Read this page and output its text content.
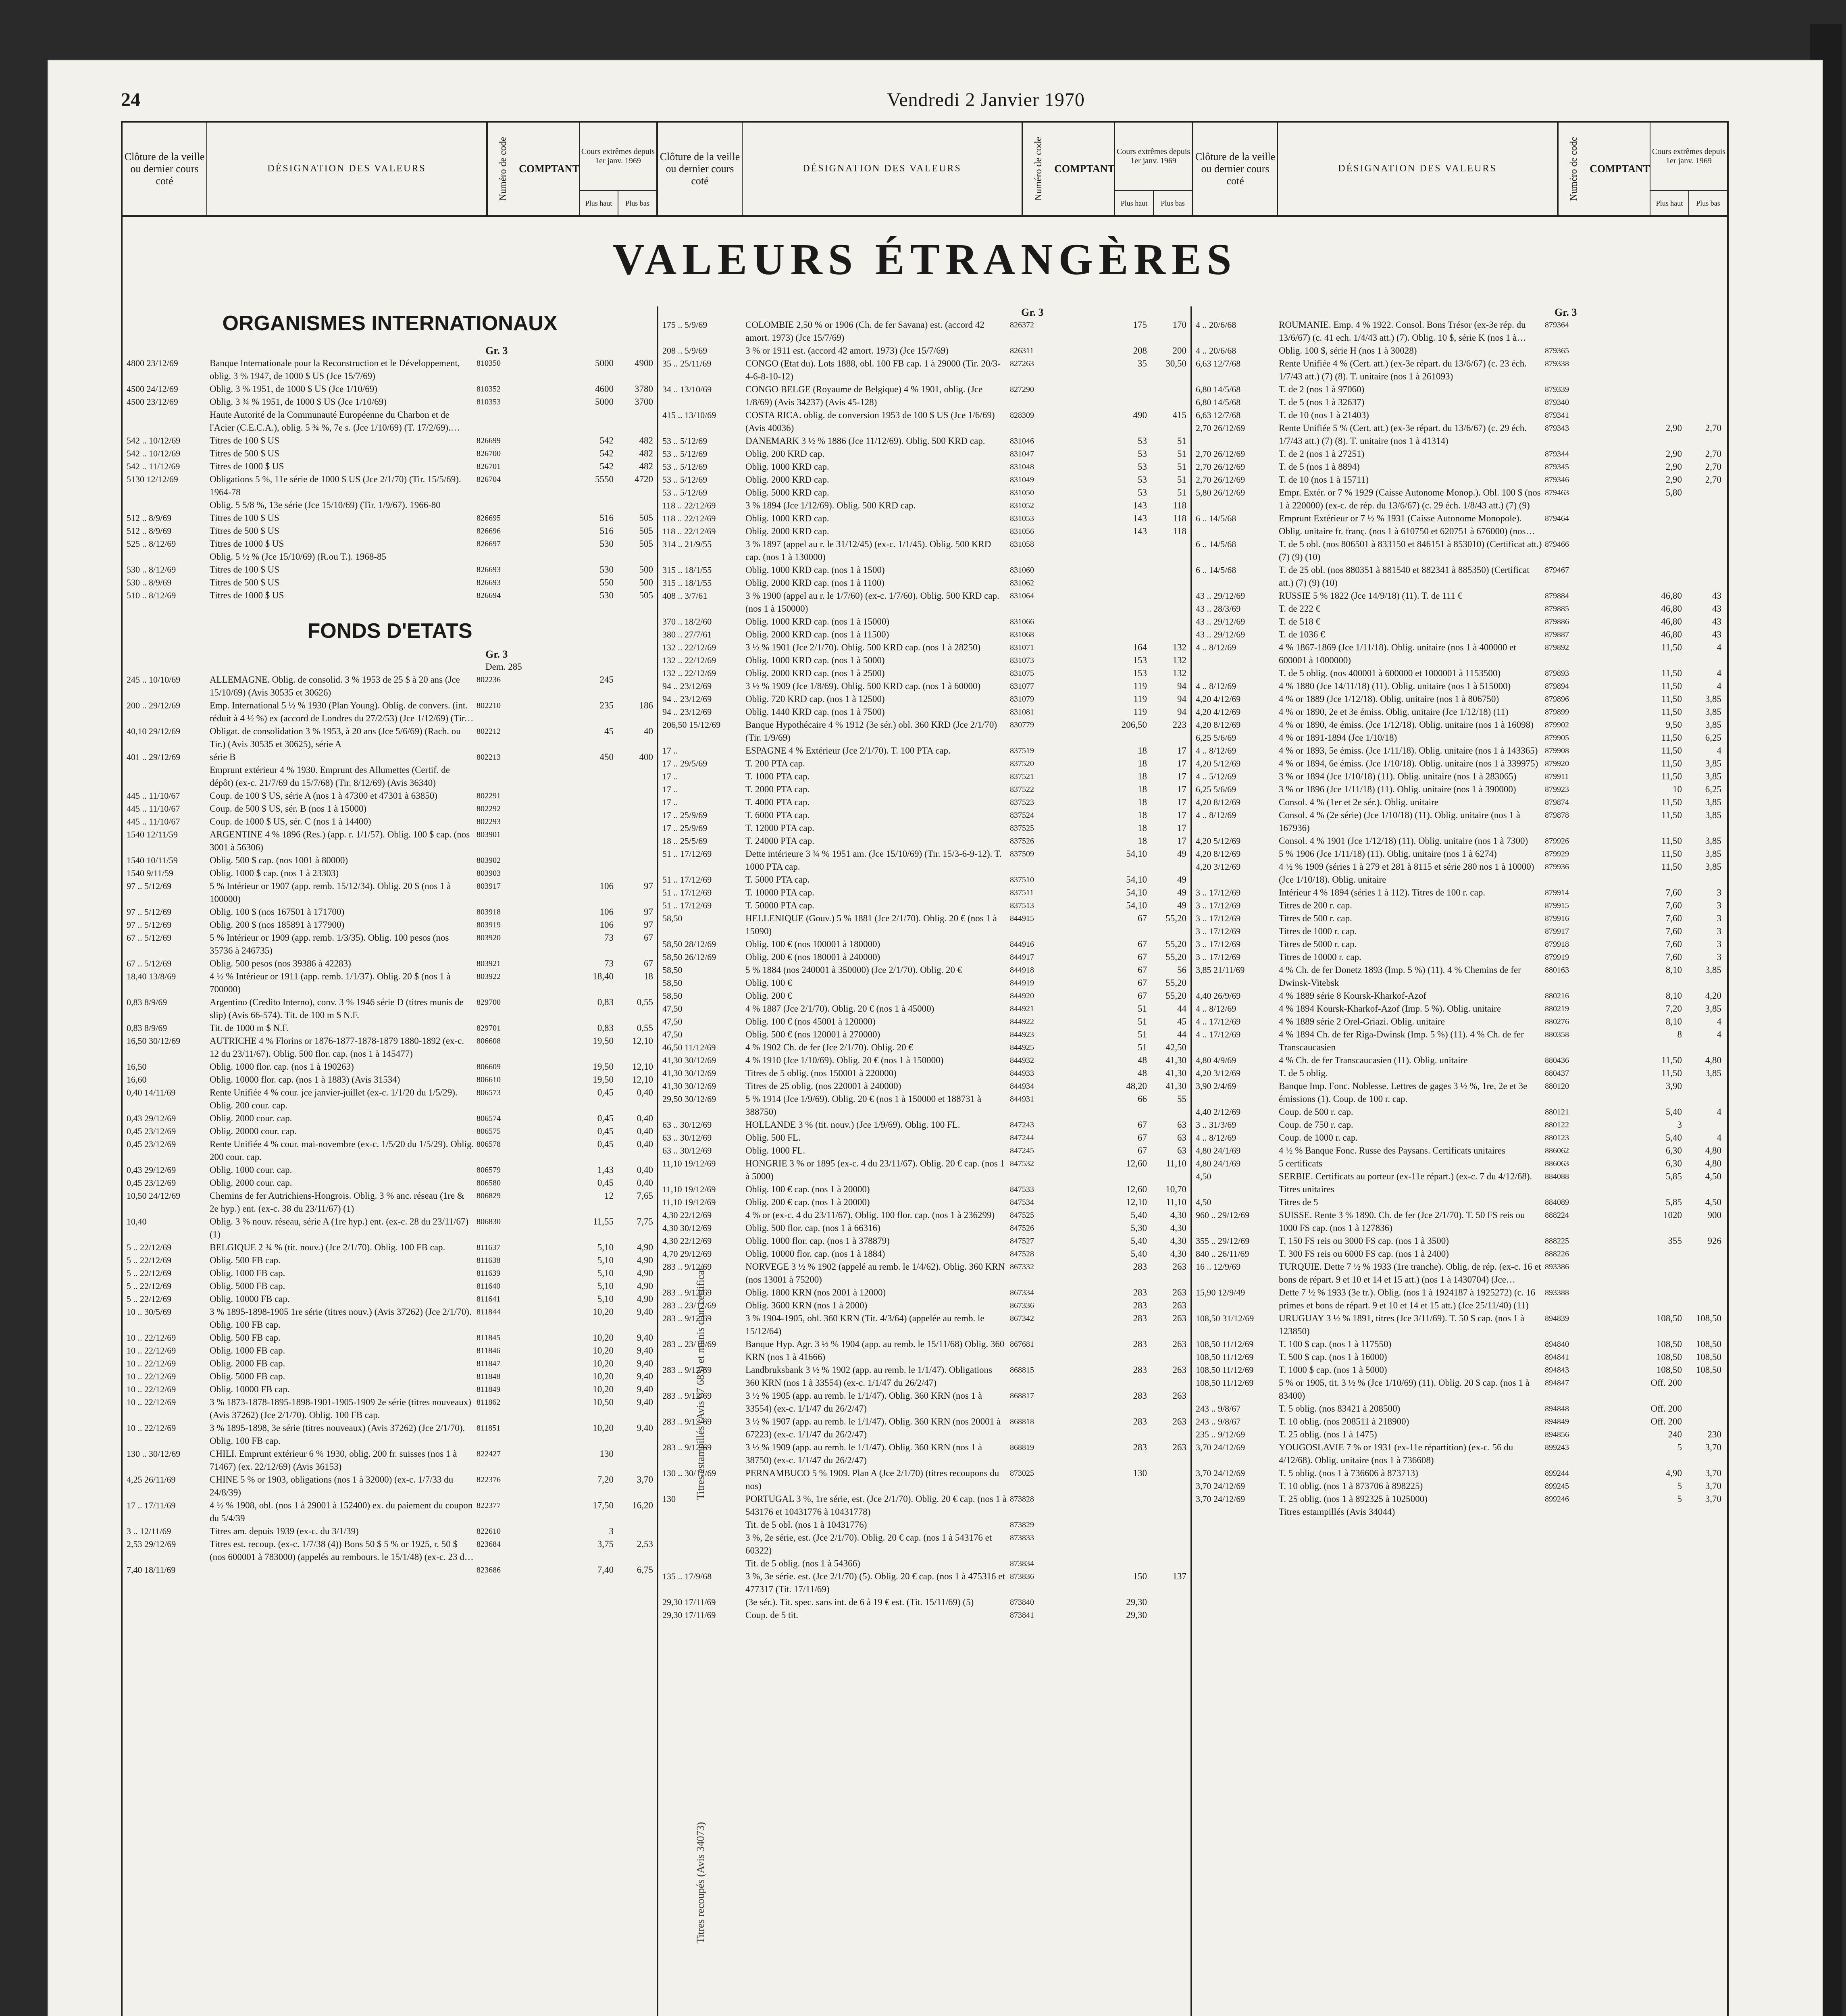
24	Vendredi 2 Janvier 1970
Clôture de la veille ou dernier cours coté
DÉSIGNATION DES VALEURS	Numéro de code COMPTANT
Cours extrêmes depuis 1er janv. 1969
Plus haut	Plus bas
Clôture de la veille ou dernier cours coté
DÉSIGNATION DES VALEURS	Numéro de code COMPTANT
Cours extrêmes depuis 1er janv. 1969
Plus haut	Plus bas
Clôture de la veille ou dernier cours coté
DÉSIGNATION DES VALEURS	Numéro de code COMPTANT
Cours extrêmes depuis 1er janv. 1969
Plus haut	Plus bas
VALEURS ÉTRANGÈRES
ORGANISMES INTERNATIONAUX
Gr. 3
4800 23/12/69	Banque Internationale pour la Reconstruction et le Développement, oblig. 3 % 1947, de 1000 $ US (Jce 15/7/69)
810350	5000	4900
4500 24/12/69	Oblig. 3 % 1951, de 1000 $ US (Jce 1/10/69)	810352	4600	3780
4500 23/12/69	Oblig. 3 ¾ % 1951, de 1000 $ US (Jce 1/10/69)	810353	5000	3700
Haute Autorité de la Communauté Européenne du Charbon et de l'Acier (C.E.C.A.), oblig. 5 ¾ %, 7e s. (Jce 1/10/69) (T. 17/2/69).
542 .. 10/12/69	Titres de 100 $ US	826699	542	482
542 .. 10/12/69	Titres de 500 $ US	826700	542	482
542 .. 11/12/69	Titres de 1000 $ US	826701	542	482
5130 12/12/69	Obligations 5 %, 11e série de 1000 $ US (Jce 2/1/70) (Tir. 15/5/69). 1964-78
826704	5550	4720
Oblig. 5 5/8 %, 13e série (Jce 15/10/69) (Tir. 1/9/67). 1966-80
512 .. 8/9/69	Titres de 100 $ US	826695	516	505
512 .. 8/9/69	Titres de 500 $ US	826696	516	505
525 .. 8/12/69	Titres de 1000 $ US	826697	530	505
Oblig. 5 ½ % (Jce 15/10/69) (R.ou T.). 1968-85
530 .. 8/12/69	Titres de 100 $ US	826693	530	500
530 .. 8/9/69	Titres de 500 $ US	826693	550	500
510 .. 8/12/69	Titres de 1000 $ US	826694	530	505
FONDS D'ETATS
Gr. 3
Dem. 285
245 .. 10/10/69	ALLEMAGNE. Oblig. de consolid. 3 % 1953 de 25 $ à 20 ans (Jce 15/10/69) (Avis 30535 et 30626)
802236	245
200 .. 29/12/69	Emp. International 5 ½ % 1930 (Plan Young). Oblig. de convers. (int. réduit à 4 ½ %) ex (accord de Londres du 27/2/53) (Jce 1/12/69) (Tir.
802210	235	186
40,10 29/12/69	Obligat. de consolidation 3 % 1953, à 20 ans (Jce 5/6/69) (Rach. ou Tir.) (Avis 30535 et 30625), série A
802212	45	40
401 .. 29/12/69	série B	802213	450	400
Emprunt extérieur 4 % 1930. Emprunt des Allumettes (Certif. de dépôt) (ex-c. 21/7/69 du 15/7/68) (Tir. 8/12/69) (Avis 36340)
445 .. 11/10/67	Coup. de 100 $ US, série A (nos 1 à 47300 et 47301 à 63850)	802291
445 .. 11/10/67	Coup. de 500 $ US, sér. B (nos 1 à 15000)	802292
445 .. 11/10/67	Coup. de 1000 $ US, sér. C (nos 1 à 14400)	802293
1540 12/11/59	ARGENTINE 4 % 1896 (Res.) (app. r. 1/1/57). Oblig. 100 $ cap. (nos 3001 à 56306)
803901
1540 10/11/59	Oblig. 500 $ cap. (nos 1001 à 80000)	803902
1540 9/11/59	Oblig. 1000 $ cap. (nos 1 à 23303)	803903
97 .. 5/12/69	5 % Intérieur or 1907 (app. remb. 15/12/34). Oblig. 20 $ (nos 1 à 100000)
803917	106	97
97 .. 5/12/69	Oblig. 100 $ (nos 167501 à 171700)	803918	106	97
97 .. 5/12/69	Oblig. 200 $ (nos 185891 à 177900)	803919	106	97
67 .. 5/12/69	5 % Intérieur or 1909 (app. remb. 1/3/35). Oblig. 100 pesos (nos 35736 à 246735)
803920	73	67
67 .. 5/12/69	Oblig. 500 pesos (nos 39386 à 42283)	803921	73	67
18,40 13/8/69	4 ½ % Intérieur or 1911 (app. remb. 1/1/37). Oblig. 20 $ (nos 1 à 700000)
803922	18,40	18
0,83 8/9/69	Argentino (Credito Interno), conv. 3 % 1946 série D (titres munis de slip) (Avis 66-574). Tit. de 100 m $ N.F.
829700	0,83	0,55
0,83 8/9/69	Tit. de 1000 m $ N.F.	829701	0,83	0,55
16,50 30/12/69	AUTRICHE 4 % Florins or 1876-1877-1878-1879 1880-1892 (ex-c. 12 du 23/11/67). Oblig. 500 flor. cap. (nos 1 à 145477)
806608	19,50	12,10
16,50	Oblig. 1000 flor. cap. (nos 1 à 190263)	806609	19,50	12,10
16,60	Oblig. 10000 flor. cap. (nos 1 à 1883) (Avis 31534)	806610	19,50	12,10
0,40 14/11/69	Rente Unifiée 4 % cour. jce janvier-juillet (ex-c. 1/1/20 du 1/5/29). Oblig. 200 cour. cap.
806573	0,45	0,40
0,43 29/12/69	Oblig. 2000 cour. cap.	806574	0,45	0,40
0,45 23/12/69	Oblig. 20000 cour. cap.	806575	0,45	0,40
0,45 23/12/69	Rente Unifiée 4 % cour. mai-novembre (ex-c. 1/5/20 du 1/5/29). Oblig. 200 cour. cap.
806578	0,45	0,40
0,43 29/12/69	Oblig. 1000 cour. cap.	806579	1,43	0,40
0,45 23/12/69	Oblig. 2000 cour. cap.	806580	0,45	0,40
10,50 24/12/69	Chemins de fer Autrichiens-Hongrois. Oblig. 3 % anc. réseau (1re & 2e hyp.) ent. (ex-c. 38 du 23/11/67) (1)
806829	12	7,65
10,40	Oblig. 3 % nouv. réseau, série A (1re hyp.) ent. (ex-c. 28 du 23/11/67) (1)
806830	11,55	7,75
5 .. 22/12/69	BELGIQUE 2 ¾ % (tit. nouv.) (Jce 2/1/70). Oblig. 100 FB cap.	811637	5,10	4,90
5 .. 22/12/69	Oblig. 500 FB cap.	811638	5,10	4,90
5 .. 22/12/69	Oblig. 1000 FB cap.	811639	5,10	4,90
5 .. 22/12/69	Oblig. 5000 FB cap.	811640	5,10	4,90
5 .. 22/12/69	Oblig. 10000 FB cap.	811641	5,10	4,90
10 .. 30/5/69	3 % 1895-1898-1905 1re série (titres nouv.) (Avis 37262) (Jce 2/1/70). Oblig. 100 FB cap.
811844	10,20	9,40
10 .. 22/12/69	Oblig. 500 FB cap.	811845	10,20	9,40
10 .. 22/12/69	Oblig. 1000 FB cap.	811846	10,20	9,40
10 .. 22/12/69	Oblig. 2000 FB cap.	811847	10,20	9,40
10 .. 22/12/69	Oblig. 5000 FB cap.	811848	10,20	9,40
10 .. 22/12/69	Oblig. 10000 FB cap.	811849	10,20	9,40
10 .. 22/12/69	3 % 1873-1878-1895-1898-1901-1905-1909 2e série (titres nouveaux) (Avis 37262) (Jce 2/1/70). Oblig. 100 FB cap.
811862	10,50	9,40
10 .. 22/12/69	3 % 1895-1898, 3e série (titres nouveaux) (Avis 37262) (Jce 2/1/70). Oblig. 100 FB cap.
811851	10,20	9,40
130 .. 30/12/69	CHILI. Emprunt extérieur 6 % 1930, oblig. 200 fr. suisses (nos 1 à 71467) (ex. 22/12/69) (Avis 36153)
822427	130
4,25 26/11/69	CHINE 5 % or 1903, obligations (nos 1 à 32000) (ex-c. 1/7/33 du 24/8/39)
822376	7,20	3,70
17 .. 17/11/69	4 ½ % 1908, obl. (nos 1 à 29001 à 152400) ex. du paiement du coupon du 5/4/39
822377	17,50	16,20
3 .. 12/11/69	Titres am. depuis 1939 (ex-c. du 3/1/39)	822610	3
2,53 29/12/69	Titres est. recoup. (ex-c. 1/7/38 (4)) Bons 50 $ 5 % or 1925, r. 50 $ (nos 600001 à 783000) (appelés au rembours. le 15/1/48) (ex-c. 23 du
823684	3,75	2,53
7,40 18/11/69	823686	7,40	6,75
Titres estampillés (Avis 67 683) et munis d'un certificat
Titres recoupés (Avis 34073)
Gr. 3
175 .. 5/9/69	COLOMBIE 2,50 % or 1906 (Ch. de fer Savana) est. (accord 42 amort. 1973) (Jce 15/7/69)
826372	175	170
208 .. 5/9/69	3 % or 1911 est. (accord 42 amort. 1973) (Jce 15/7/69)	826311	208	200
35 .. 25/11/69	CONGO (Etat du). Lots 1888, obl. 100 FB cap. 1 à 29000 (Tir. 20/3-4-6-8-10-12)
827263	35	30,50
34 .. 13/10/69	CONGO BELGE (Royaume de Belgique) 4 % 1901, oblig. (Jce 1/8/69) (Avis 34237) (Avis 45-128)
827290
415 .. 13/10/69	COSTA RICA. oblig. de conversion 1953 de 100 $ US (Jce 1/6/69) (Avis 40036)
828309	490	415
53 .. 5/12/69	DANEMARK 3 ½ % 1886 (Jce 11/12/69). Oblig. 500 KRD cap.	831046	53	51
53 .. 5/12/69	Oblig. 200 KRD cap.	831047	53	51
53 .. 5/12/69	Oblig. 1000 KRD cap.	831048	53	51
53 .. 5/12/69	Oblig. 2000 KRD cap.	831049	53	51
53 .. 5/12/69	Oblig. 5000 KRD cap.	831050	53	51
118 .. 22/12/69	3 % 1894 (Jce 1/12/69). Oblig. 500 KRD cap.	831052	143	118
118 .. 22/12/69	Oblig. 1000 KRD cap.	831053	143	118
118 .. 22/12/69	Oblig. 2000 KRD cap.	831056	143	118
314 .. 21/9/55	3 % 1897 (appel au r. le 31/12/45) (ex-c. 1/1/45). Oblig. 500 KRD cap. (nos 1 à 130000)
831058
315 .. 18/1/55	Oblig. 1000 KRD cap. (nos 1 à 1500)	831060
315 .. 18/1/55	Oblig. 2000 KRD cap. (nos 1 à 1100)	831062
408 .. 3/7/61	3 % 1900 (appel au r. le 1/7/60) (ex-c. 1/7/60). Oblig. 500 KRD cap. (nos 1 à 150000)
831064
370 .. 18/2/60	Oblig. 1000 KRD cap. (nos 1 à 15000)	831066
380 .. 27/7/61	Oblig. 2000 KRD cap. (nos 1 à 11500)	831068
132 .. 22/12/69	3 ½ % 1901 (Jce 2/1/70). Oblig. 500 KRD cap. (nos 1 à 28250)	831071	164	132
132 .. 22/12/69	Oblig. 1000 KRD cap. (nos 1 à 5000)	831073	153	132
132 .. 22/12/69	Oblig. 2000 KRD cap. (nos 1 à 2500)	831075	153	132
94 .. 23/12/69	3 ½ % 1909 (Jce 1/8/69). Oblig. 500 KRD cap. (nos 1 à 60000)	831077	119	94
94 .. 23/12/69	Oblig. 720 KRD cap. (nos 1 à 12500)	831079	119	94
94 .. 23/12/69	Oblig. 1440 KRD cap. (nos 1 à 7500)	831081	119	94
206,50 15/12/69	Banque Hypothécaire 4 % 1912 (3e sér.) obl. 360 KRD (Jce 2/1/70) (Tir. 1/9/69)
830779	206,50	223
17 ..	ESPAGNE 4 % Extérieur (Jce 2/1/70). T. 100 PTA cap.	837519	18	17
17 .. 29/5/69	T. 200 PTA cap.	837520	18	17
17 ..	T. 1000 PTA cap.	837521	18	17
17 ..	T. 2000 PTA cap.	837522	18	17
17 ..	T. 4000 PTA cap.	837523	18	17
17 .. 25/9/69	T. 6000 PTA cap.	837524	18	17
17 .. 25/9/69	T. 12000 PTA cap.	837525	18	17
18 .. 25/5/69	T. 24000 PTA cap.	837526	18	17
51 .. 17/12/69	Dette intérieure 3 ¾ % 1951 am. (Jce 15/10/69) (Tir. 15/3-6-9-12). T. 1000 PTA cap.
837509	54,10	49
51 .. 17/12/69	T. 5000 PTA cap.	837510	54,10	49
51 .. 17/12/69	T. 10000 PTA cap.	837511	54,10	49
51 .. 17/12/69	T. 50000 PTA cap.	837513	54,10	49
58,50	HELLENIQUE (Gouv.) 5 % 1881 (Jce 2/1/70). Oblig. 20 € (nos 1 à 15090)
844915	67	55,20
58,50 28/12/69	Oblig. 100 € (nos 100001 à 180000)	844916	67	55,20
58,50 26/12/69	Oblig. 200 € (nos 180001 à 240000)	844917	67	55,20
58,50	5 % 1884 (nos 240001 à 350000) (Jce 2/1/70). Oblig. 20 €	844918	67	56
58,50	Oblig. 100 €	844919	67	55,20
58,50	Oblig. 200 €	844920	67	55,20
47,50	4 % 1887 (Jce 2/1/70). Oblig. 20 € (nos 1 à 45000)	844921	51	44
47,50	Oblig. 100 € (nos 45001 à 120000)	844922	51	45
47,50	Oblig. 500 € (nos 120001 à 270000)	844923	51	44
46,50 11/12/69	4 % 1902 Ch. de fer (Jce 2/1/70). Oblig. 20 €	844925	51	42,50
41,30 30/12/69	4 % 1910 (Jce 1/10/69). Oblig. 20 € (nos 1 à 150000)	844932	48	41,30
41,30 30/12/69	Titres de 5 oblig. (nos 150001 à 220000)	844933	48	41,30
41,30 30/12/69	Titres de 25 oblig. (nos 220001 à 240000)	844934	48,20	41,30
29,50 30/12/69	5 % 1914 (Jce 1/9/69). Oblig. 20 € (nos 1 à 150000 et 188731 à 388750)
844931	66	55
63 .. 30/12/69	HOLLANDE 3 % (tit. nouv.) (Jce 1/9/69). Oblig. 100 FL.	847243	67	63
63 .. 30/12/69	Oblig. 500 FL.	847244	67	63
63 .. 30/12/69	Oblig. 1000 FL.	847245	67	63
11,10 19/12/69	HONGRIE 3 % or 1895 (ex-c. 4 du 23/11/67). Oblig. 20 € cap. (nos 1 à 5000)
847532	12,60	11,10
11,10 19/12/69	Oblig. 100 € cap. (nos 1 à 20000)	847533	12,60	10,70
11,10 19/12/69	Oblig. 200 € cap. (nos 1 à 20000)	847534	12,10	11,10
4,30 22/12/69	4 % or (ex-c. 4 du 23/11/67). Oblig. 100 flor. cap. (nos 1 à 236299)	847525	5,40	4,30
4,30 30/12/69	Oblig. 500 flor. cap. (nos 1 à 66316)	847526	5,30	4,30
4,30 22/12/69	Oblig. 1000 flor. cap. (nos 1 à 378879)	847527	5,40	4,30
4,70 29/12/69	Oblig. 10000 flor. cap. (nos 1 à 1884)	847528	5,40	4,30
283 .. 9/12/69	NORVEGE 3 ½ % 1902 (appelé au remb. le 1/4/62). Oblig. 360 KRN (nos 13001 à 75200)
867332	283	263
283 .. 9/12/69	Oblig. 1800 KRN (nos 2001 à 12000)	867334	283	263
283 .. 23/12/69	Oblig. 3600 KRN (nos 1 à 2000)	867336	283	263
283 .. 9/12/69	3 % 1904-1905, obl. 360 KRN (Tit. 4/3/64) (appelée au remb. le 15/12/64)
867342	283	263
283 .. 23/10/69	Banque Hyp. Agr. 3 ½ % 1904 (app. au remb. le 15/11/68) Oblig. 360 KRN (nos 1 à 41666)
867681	283	263
283 .. 9/12/69	Landbruksbank 3 ½ % 1902 (app. au remb. le 1/1/47). Obligations 360 KRN (nos 1 à 33554) (ex-c. 1/1/47 du 26/2/47)
868815	283	263
283 .. 9/12/69	3 ½ % 1905 (app. au remb. le 1/1/47). Oblig. 360 KRN (nos 1 à 33554) (ex-c. 1/1/47 du 26/2/47)
868817	283	263
283 .. 9/12/69	3 ½ % 1907 (app. au remb. le 1/1/47). Oblig. 360 KRN (nos 20001 à 67223) (ex-c. 1/1/47 du 26/2/47)
868818	283	263
283 .. 9/12/69	3 ½ % 1909 (app. au remb. le 1/1/47). Oblig. 360 KRN (nos 1 à 38750) (ex-c. 1/1/47 du 26/2/47)
868819	283	263
130 .. 30/12/69	PERNAMBUCO 5 % 1909. Plan A (Jce 2/1/70) (titres recoupons du nos)
873025	130
130	PORTUGAL 3 %, 1re série, est. (Jce 2/1/70). Oblig. 20 € cap. (nos 1 à 543176 et 10431776 à 10431778)
873828
Tit. de 5 obl. (nos 1 à 10431776)	873829
3 %, 2e série, est. (Jce 2/1/70). Oblig. 20 € cap. (nos 1 à 543176 et 60322)
873833
Tit. de 5 oblig. (nos 1 à 54366)	873834
135 .. 17/9/68	3 %, 3e série. est. (Jce 2/1/70) (5). Oblig. 20 € cap. (nos 1 à 475316 et 477317 (Tit. 17/11/69)
873836	150	137
29,30 17/11/69	(3e sér.). Tit. spec. sans int. de 6 à 19 € est. (Tit. 15/11/69) (5)	873840	29,30
29,30 17/11/69	Coup. de 5 tit.	873841	29,30
Gr. 3
4 .. 20/6/68	ROUMANIE. Emp. 4 % 1922. Consol. Bons Trésor (ex-3e rép. du 13/6/67) (c. 41 ech. 1/4/43 att.) (7). Oblig. 10 $, série K (nos 1 à
879364
4 .. 20/6/68	Oblig. 100 $, série H (nos 1 à 30028)	879365
6,63 12/7/68	Rente Unifiée 4 % (Cert. att.) (ex-3e répart. du 13/6/67) (c. 23 éch. 1/7/43 att.) (7) (8). T. unitaire (nos 1 à 261093)
879338
6,80 14/5/68	T. de 2 (nos 1 à 97060)	879339
6,80 14/5/68	T. de 5 (nos 1 à 32637)	879340
6,63 12/7/68	T. de 10 (nos 1 à 21403)	879341
2,70 26/12/69	Rente Unifiée 5 % (Cert. att.) (ex-3e répart. du 13/6/67) (c. 29 éch. 1/7/43 att.) (7) (8). T. unitaire (nos 1 à 41314)
879343	2,90	2,70
2,70 26/12/69	T. de 2 (nos 1 à 27251)	879344	2,90	2,70
2,70 26/12/69	T. de 5 (nos 1 à 8894)	879345	2,90	2,70
2,70 26/12/69	T. de 10 (nos 1 à 15711)	879346	2,90	2,70
5,80 26/12/69	Empr. Extér. or 7 % 1929 (Caisse Autonome Monop.). Obl. 100 $ (nos 1 à 220000) (ex-c. de rép. du 13/6/67) (c. 29 éch. 1/8/43 att.) (7) (9)
879463	5,80
6 .. 14/5/68	Emprunt Extérieur or 7 ½ % 1931 (Caisse Autonome Monopole). Oblig. unitaire fr. franç. (nos 1 à 610750 et 620751 à 676000) (nos
879464
6 .. 14/5/68	T. de 5 obl. (nos 806501 à 833150 et 846151 à 853010) (Certificat att.) (7) (9) (10)
879466
6 .. 14/5/68	T. de 25 obl. (nos 880351 à 881540 et 882341 à 885350) (Certificat att.) (7) (9) (10)
879467
43 .. 29/12/69	RUSSIE 5 % 1822 (Jce 14/9/18) (11). T. de 111 €	879884	46,80	43
43 .. 28/3/69	T. de 222 €	879885	46,80	43
43 .. 29/12/69	T. de 518 €	879886	46,80	43
43 .. 29/12/69	T. de 1036 €	879887	46,80	43
4 .. 8/12/69	4 % 1867-1869 (Jce 1/11/18). Oblig. unitaire (nos 1 à 400000 et 600001 à 1000000)
879892	11,50	4
T. de 5 oblig. (nos 400001 à 600000 et 1000001 à 1153500)	879893	11,50	4
4 .. 8/12/69	4 % 1880 (Jce 14/11/18) (11). Oblig. unitaire (nos 1 à 515000)	879894	11,50	4
4,20 4/12/69	4 % or 1889 (Jce 1/12/18). Oblig. unitaire (nos 1 à 806750)	879896	11,50	3,85
4,20 4/12/69	4 % or 1890, 2e et 3e émiss. Oblig. unitaire (Jce 1/12/18) (11)	879899	11,50	3,85
4,20 8/12/69	4 % or 1890, 4e émiss. (Jce 1/12/18). Oblig. unitaire (nos 1 à 16098)	879902	9,50	3,85
6,25 5/6/69	4 % or 1891-1894 (Jce 1/10/18)	879905	11,50	6,25
4 .. 8/12/69	4 % or 1893, 5e émiss. (Jce 1/11/18). Oblig. unitaire (nos 1 à 143365) 879908	11,50	4
4,20 5/12/69	4 % or 1894, 6e émiss. (Jce 1/10/18). Oblig. unitaire (nos 1 à 339975) 879920	11,50	3,85
4 .. 5/12/69	3 % or 1894 (Jce 1/10/18) (11). Oblig. unitaire (nos 1 à 283065)	879911	11,50	3,85
6,25 5/6/69	3 % or 1896 (Jce 1/11/18) (11). Oblig. unitaire (nos 1 à 390000)	879923	10	6,25
4,20 8/12/69	Consol. 4 % (1er et 2e sér.). Oblig. unitaire	879874	11,50	3,85
4 .. 8/12/69	Consol. 4 % (2e série) (Jce 1/10/18) (11). Oblig. unitaire (nos 1 à 167936)
879878	11,50	3,85
4,20 5/12/69	Consol. 4 % 1901 (Jce 1/12/18) (11). Oblig. unitaire (nos 1 à 7300)	879926	11,50	3,85
4,20 8/12/69	5 % 1906 (Jce 1/11/18) (11). Oblig. unitaire (nos 1 à 6274)	879929	11,50	3,85
4,20 3/12/69	4 ½ % 1909 (séries 1 à 279 et 281 à 8115 et série 280 nos 1 à 10000) (Jce 1/10/18). Oblig. unitaire
879936	11,50	3,85
3 .. 17/12/69	Intérieur 4 % 1894 (séries 1 à 112). Titres de 100 r. cap.	879914	7,60	3
3 .. 17/12/69	Titres de 200 r. cap.	879915	7,60	3
3 .. 17/12/69	Titres de 500 r. cap.	879916	7,60	3
3 .. 17/12/69	Titres de 1000 r. cap.	879917	7,60	3
3 .. 17/12/69	Titres de 5000 r. cap.	879918	7,60	3
3 .. 17/12/69	Titres de 10000 r. cap.	879919	7,60	3
3,85 21/11/69	4 % Ch. de fer Donetz 1893 (Imp. 5 %) (11). 4 % Chemins de fer Dwinsk-Vitebsk
880163	8,10	3,85
4,40 26/9/69	4 % 1889 série 8 Koursk-Kharkof-Azof	880216	8,10	4,20
4 .. 8/12/69	4 % 1894 Koursk-Kharkof-Azof (Imp. 5 %). Oblig. unitaire	880219	7,20	3,85
4 .. 17/12/69	4 % 1889 série 2 Orel-Griazi. Oblig. unitaire	880276	8,10	4
4 .. 17/12/69	4 % 1894 Ch. de fer Riga-Dwinsk (Imp. 5 %) (11). 4 % Ch. de fer Transcaucasien
880358	8	4
4,80 4/9/69	4 % Ch. de fer Transcaucasien (11). Oblig. unitaire	880436	11,50	4,80
4,20 3/12/69	T. de 5 oblig.	880437	11,50	3,85
3,90 2/4/69	Banque Imp. Fonc. Noblesse. Lettres de gages 3 ½ %, 1re, 2e et 3e émissions (1). Coup. de 100 r. cap.
880120	3,90
4,40 2/12/69	Coup. de 500 r. cap.	880121	5,40	4
3 .. 31/3/69	Coup. de 750 r. cap.	880122	3
4 .. 8/12/69	Coup. de 1000 r. cap.	880123	5,40	4
4,80 24/1/69	4 ½ % Banque Fonc. Russe des Paysans. Certificats unitaires	886062	6,30	4,80
4,80 24/1/69	5 certificats	886063	6,30	4,80
4,50	SERBIE. Certificats au porteur (ex-11e répart.) (ex-c. 7 du 4/12/68). Titres unitaires
884088	5,85	4,50
4,50	Titres de 5	884089	5,85	4,50
960 .. 29/12/69	SUISSE. Rente 3 % 1890. Ch. de fer (Jce 2/1/70). T. 50 FS reis ou 1000 FS cap. (nos 1 à 127836)
888224	1020	900
355 .. 29/12/69	T. 150 FS reis ou 3000 FS cap. (nos 1 à 3500)	888225	355	926
840 .. 26/11/69	T. 300 FS reis ou 6000 FS cap. (nos 1 à 2400)	888226
16 .. 12/9/69	TURQUIE. Dette 7 ½ % 1933 (1re tranche). Oblig. de rép. (ex-c. 16 et bons de répart. 9 et 10 et 14 et 15 att.) (nos 1 à 1430704) (Jce
893386
15,90 12/9/49	Dette 7 ½ % 1933 (3e tr.). Oblig. (nos 1 à 1924187 à 1925272) (c. 16 primes et bons de répart. 9 et 10 et 14 et 15 att.) (Jce 25/11/40) (11)
893388
108,50 31/12/69	URUGUAY 3 ½ % 1891, titres (Jce 3/11/69). T. 50 $ cap. (nos 1 à 123850)
894839	108,50	108,50
108,50 11/12/69	T. 100 $ cap. (nos 1 à 117550)	894840	108,50	108,50
108,50 11/12/69	T. 500 $ cap. (nos 1 à 16000)	894841	108,50	108,50
108,50 11/12/69	T. 1000 $ cap. (nos 1 à 5000)	894843	108,50	108,50
108,50 11/12/69	5 % or 1905, tit. 3 ½ % (Jce 1/10/69) (11). Oblig. 20 $ cap. (nos 1 à 83400)
894847	Off. 200
243 .. 9/8/67	T. 5 oblig. (nos 83421 à 208500)	894848	Off. 200
243 .. 9/8/67	T. 10 oblig. (nos 208511 à 218900)	894849	Off. 200
235 .. 9/12/69	T. 25 oblig. (nos 1 à 1475)	894856	240	230
3,70 24/12/69	YOUGOSLAVIE 7 % or 1931 (ex-11e répartition) (ex-c. 56 du 4/12/68). Oblig. unitaire (nos 1 à 736608)
899243	5	3,70
3,70 24/12/69	T. 5 oblig. (nos 1 à 736606 à 873713)	899244	4,90	3,70
3,70 24/12/69	T. 10 oblig. (nos 1 à 873706 à 898225)	899245	5	3,70
3,70 24/12/69	T. 25 oblig. (nos 1 à 892325 à 1025000)	899246	5	3,70
Titres estampillés (Avis 34044)
